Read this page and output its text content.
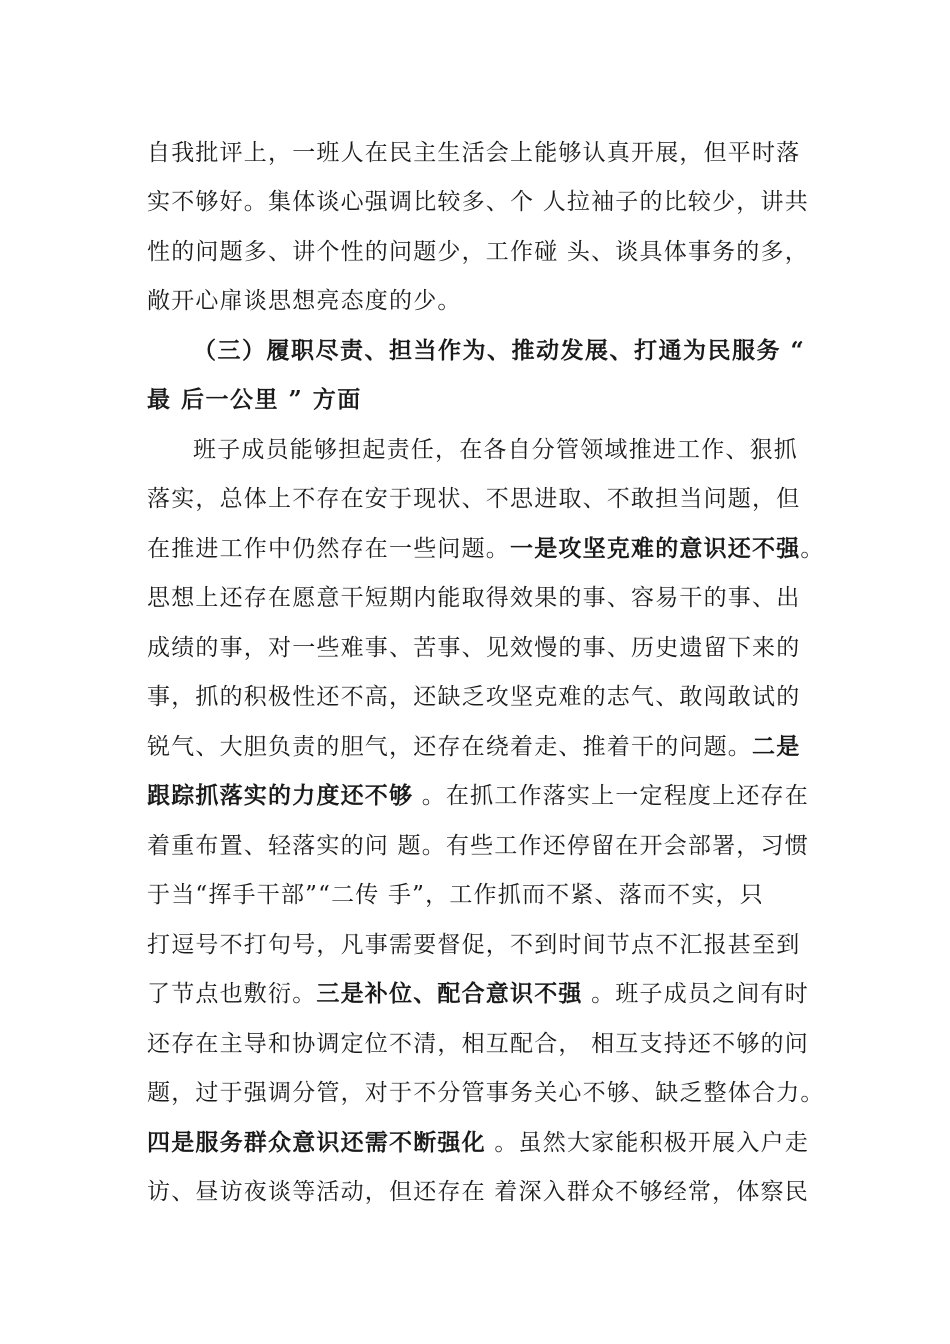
自我批评上，一班人在民主生活会上能够认真开展，但平时落
实不够好。集体谈心强调比较多、个 人拉袖子的比较少，讲共
性的问题多、讲个性的问题少，工作碰 头、谈具体事务的多，
敞开心扉谈思想亮态度的少。
（三）履职尽责、担当作为、推动发展、打通为民服务 “
最 后一公里 ” 方面
班子成员能够担起责任，在各自分管领域推进工作、狠抓
落实，总体上不存在安于现状、不思进取、不敢担当问题，但
在推进工作中仍然存在一些问题。一是攻坚克难的意识还不强。
思想上还存在愿意干短期内能取得效果的事、容易干的事、出
成绩的事，对一些难事、苦事、见效慢的事、历史遗留下来的
事，抓的积极性还不高，还缺乏攻坚克难的志气、敢闯敢试的
锐气、大胆负责的胆气，还存在绕着走、推着干的问题。二是
跟踪抓落实的力度还不够 。在抓工作落实上一定程度上还存在
着重布置、轻落实的问 题。有些工作还停留在开会部署，习惯
于当“挥手干部”“二传 手”，工作抓而不紧、落而不实，只
打逗号不打句号，凡事需要督促，不到时间节点不汇报甚至到
了节点也敷衍。三是补位、配合意识不强 。班子成员之间有时
还存在主导和协调定位不清，相互配合， 相互支持还不够的问
题，过于强调分管，对于不分管事务关心不够、缺乏整体合力。
四是服务群众意识还需不断强化 。虽然大家能积极开展入户走
访、昼访夜谈等活动，但还存在 着深入群众不够经常，体察民
